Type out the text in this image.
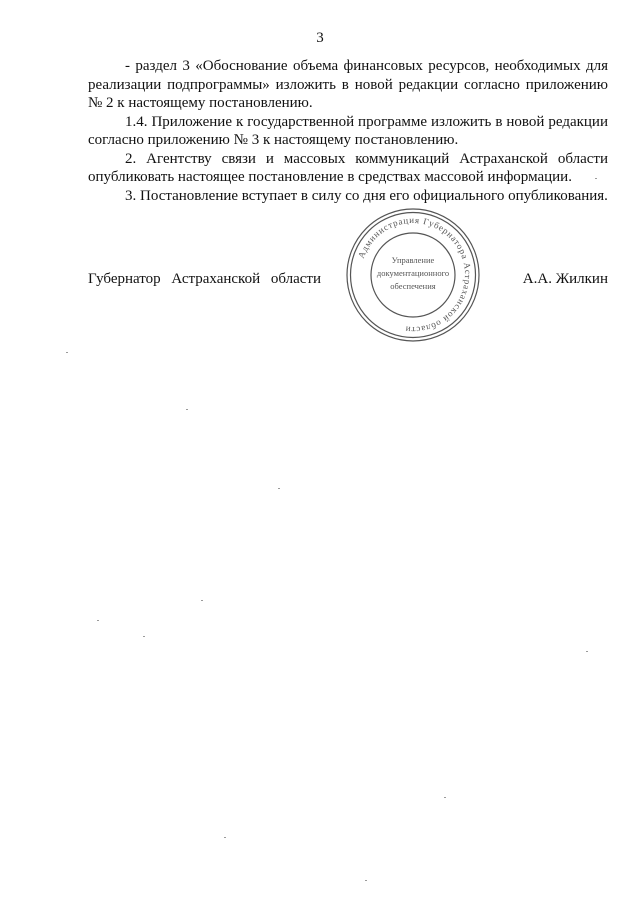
3

- раздел 3 «Обоснование объема финансовых ресурсов, необходимых для реализации подпрограммы» изложить в новой редакции согласно приложению № 2 к настоящему постановлению.

1.4. Приложение к государственной программе изложить в новой редакции согласно приложению № 3 к настоящему постановлению.

2. Агентству связи и массовых коммуникаций Астраханской области опубликовать настоящее постановление в средствах массовой информации.

3. Постановление вступает в силу со дня его официального опубликования.

Губернатор Астраханской области	А.А. Жилкин
Администрация Губернатора Астраханской области
Управление
документационного
обеспечения
